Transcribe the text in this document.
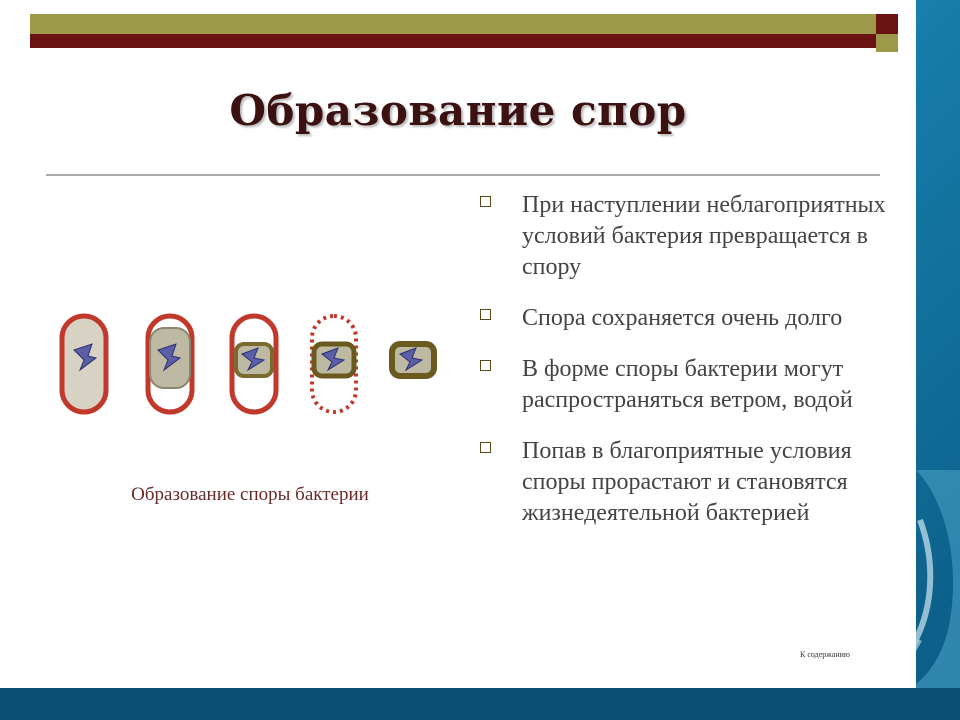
Образование спор
Образование споры бактерии
При наступлении неблагоприятных условий бактерия превращается в спору
Спора сохраняется очень долго
В форме споры бактерии могут распространяться ветром, водой
Попав в благоприятные условия споры прорастают и становятся жизнедеятельной бактерией
К содержанию
